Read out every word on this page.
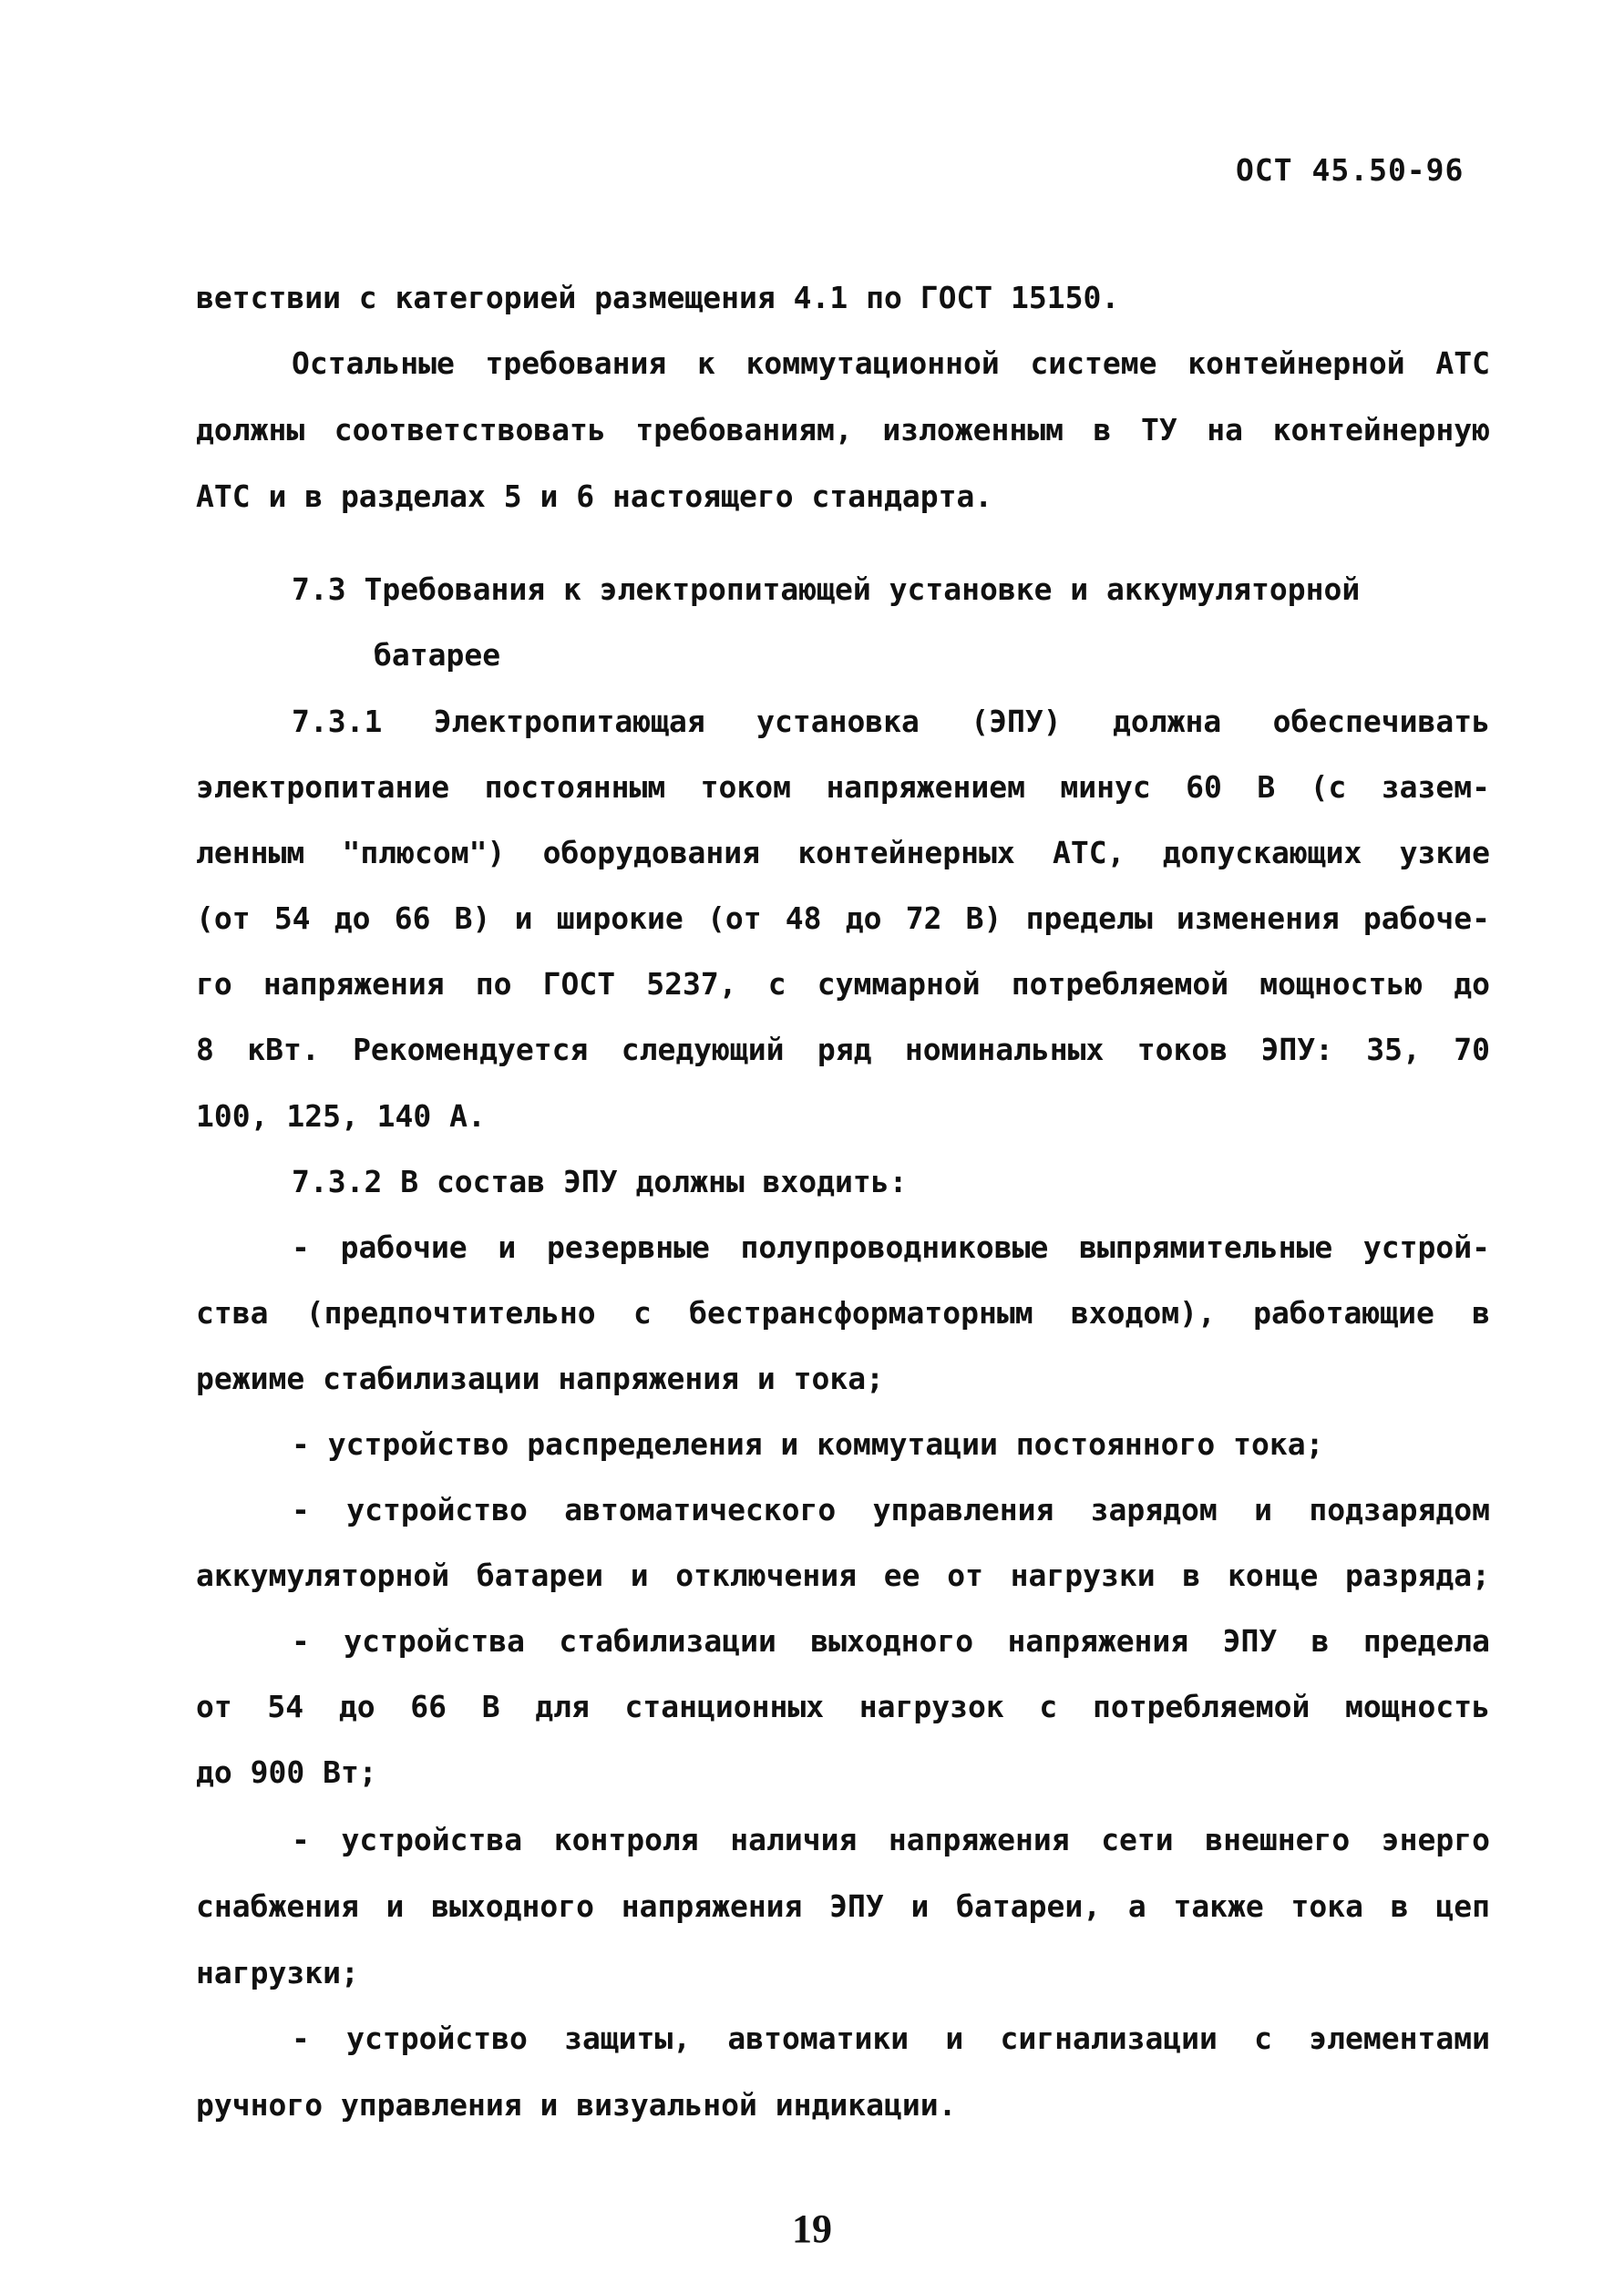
ОСТ 45.50-96
ветствии с категорией размещения 4.1 по ГОСТ 15150.
Остальные требования к коммутационной системе контейнерной АТС
должны соответствовать требованиям, изложенным в ТУ на контейнерную
АТС и в разделах 5 и 6 настоящего стандарта.
7.3 Требования к электропитающей установке и аккумуляторной
батарее
7.3.1 Электропитающая установка (ЭПУ) должна обеспечивать
электропитание постоянным током напряжением минус 60 В (с зазем-
ленным "плюсом") оборудования контейнерных АТС, допускающих узкие
(от 54 до 66 В) и широкие (от 48 до 72 В) пределы изменения рабоче-
го напряжения по ГОСТ 5237, с суммарной потребляемой мощностью до
8 кВт. Рекомендуется следующий ряд номинальных токов ЭПУ: 35, 70
100, 125, 140 А.
7.3.2 В состав ЭПУ должны входить:
- рабочие и резервные полупроводниковые выпрямительные устрой-
ства (предпочтительно с бестрансформаторным входом), работающие в
режиме стабилизации напряжения и тока;
- устройство распределения и коммутации постоянного тока;
- устройство автоматического управления зарядом и подзарядом
аккумуляторной батареи и отключения ее от нагрузки в конце разряда;
- устройства стабилизации выходного напряжения ЭПУ в предела
от 54 до 66 В для станционных нагрузок с потребляемой мощность
до 900 Вт;
- устройства контроля наличия напряжения сети внешнего энерго
снабжения и выходного напряжения ЭПУ и батареи, а также тока в цеп
нагрузки;
- устройство защиты, автоматики и сигнализации с элементами
ручного управления и визуальной индикации.
19
